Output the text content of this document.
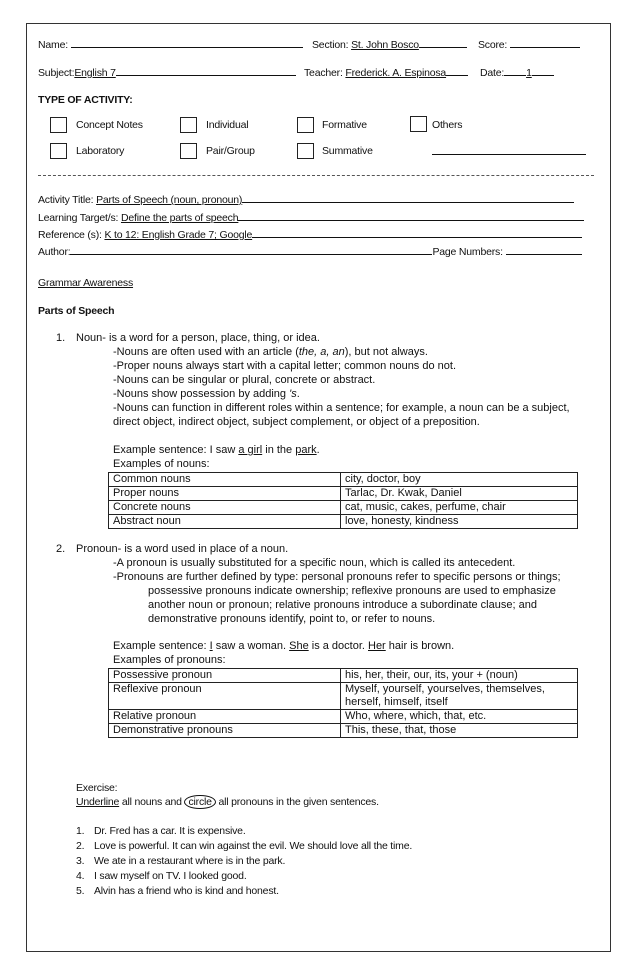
Name:	Section: St. John Bosco	Score:
Subject:English 7	Teacher: Frederick. A. Espinosa	Date: 1
TYPE OF ACTIVITY:
Concept Notes	Individual	Formative	Others
Laboratory	Pair/Group	Summative
Activity Title: Parts of Speech (noun, pronoun)
Learning Target/s: Define the parts of speech
Reference (s): K to 12: English Grade 7; Google
Author:	Page Numbers:
Grammar Awareness
Parts of Speech
1. Noun- is a word for a person, place, thing, or idea.
-Nouns are often used with an article (the, a, an), but not always.
-Proper nouns always start with a capital letter; common nouns do not.
-Nouns can be singular or plural, concrete or abstract.
-Nouns show possession by adding 's.
-Nouns can function in different roles within a sentence; for example, a noun can be a subject,
direct object, indirect object, subject complement, or object of a preposition.
Example sentence: I saw a girl in the park.
Examples of nouns:
Common nouns	city, doctor, boy
Proper nouns	Tarlac, Dr. Kwak, Daniel
Concrete nouns	cat, music, cakes, perfume, chair
Abstract noun	love, honesty, kindness
2. Pronoun- is a word used in place of a noun.
-A pronoun is usually substituted for a specific noun, which is called its antecedent.
-Pronouns are further defined by type: personal pronouns refer to specific persons or things;
possessive pronouns indicate ownership; reflexive pronouns are used to emphasize
another noun or pronoun; relative pronouns introduce a subordinate clause; and
demonstrative pronouns identify, point to, or refer to nouns.
Example sentence: I saw a woman. She is a doctor. Her hair is brown.
Examples of pronouns:
Possessive pronoun	his, her, their, our, its, your + (noun)
Reflexive pronoun	Myself, yourself, yourselves, themselves, herself, himself, itself
Relative pronoun	Who, where, which, that, etc.
Demonstrative pronouns	This, these, that, those
Exercise:
Underline all nouns and circle all pronouns in the given sentences.
1. Dr. Fred has a car. It is expensive.
2. Love is powerful. It can win against the evil. We should love all the time.
3. We ate in a restaurant where is in the park.
4. I saw myself on TV. I looked good.
5. Alvin has a friend who is kind and honest.
